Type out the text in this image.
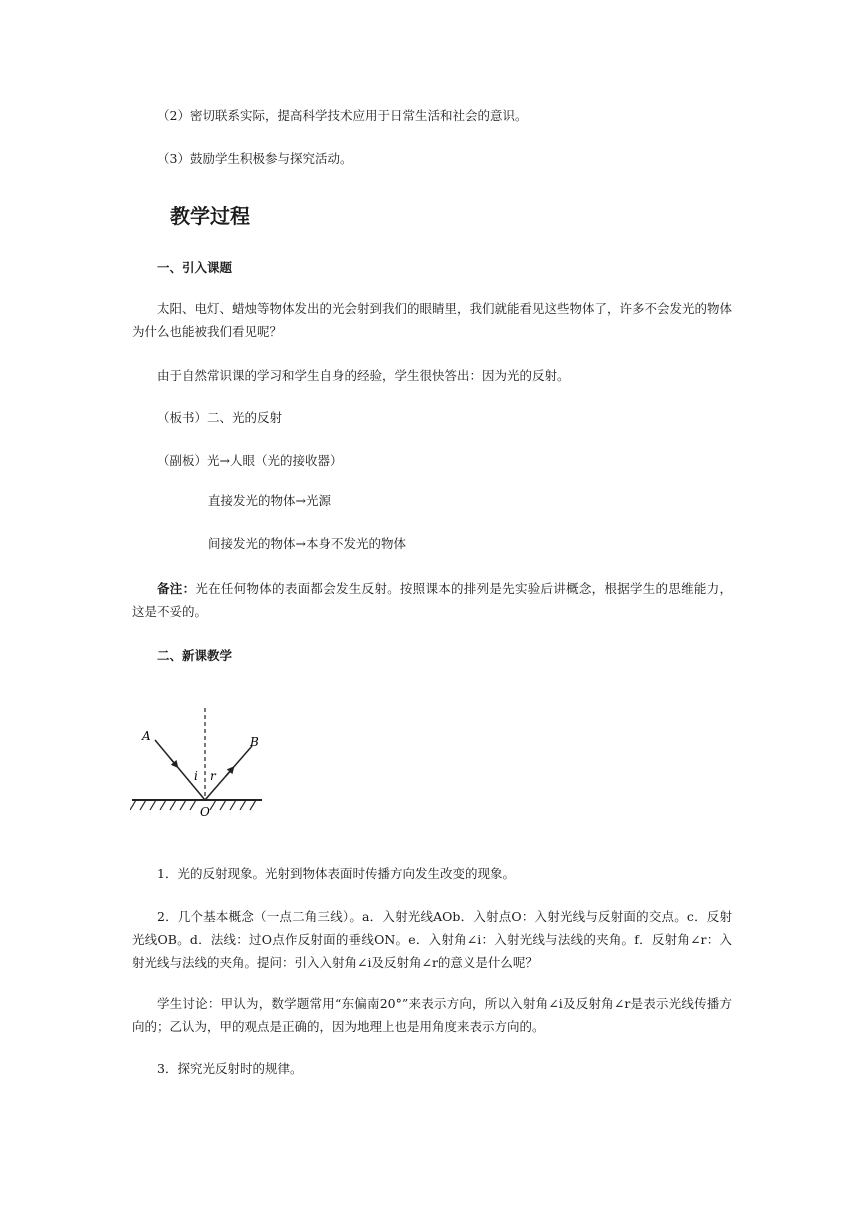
（2）密切联系实际，提高科学技术应用于日常生活和社会的意识。

（3）鼓励学生积极参与探究活动。

教学过程
一、引入课题

太阳、电灯、蜡烛等物体发出的光会射到我们的眼睛里，我们就能看见这些物体了，许多不会发光的物体为什么也能被我们看见呢？

由于自然常识课的学习和学生自身的经验，学生很快答出：因为光的反射。

（板书）二、光的反射

（副板）光→人眼（光的接收器）

直接发光的物体→光源

间接发光的物体→本身不发光的物体

备注：光在任何物体的表面都会发生反射。按照课本的排列是先实验后讲概念，根据学生的思维能力，这是不妥的。

二、新课教学
A	B
i r
O

1．光的反射现象。光射到物体表面时传播方向发生改变的现象。

2．几个基本概念（一点二角三线）。a．入射光线AOb．入射点O：入射光线与反射面的交点。c．反射光线OB。d．法线：过O点作反射面的垂线ON。e．入射角∠i：入射光线与法线的夹角。f．反射角∠r：入射光线与法线的夹角。提问：引入入射角∠i及反射角∠r的意义是什么呢？

学生讨论：甲认为，数学题常用“东偏南20°”来表示方向，所以入射角∠i及反射角∠r是表示光线传播方向的；乙认为，甲的观点是正确的，因为地理上也是用角度来表示方向的。

3．探究光反射时的规律。
